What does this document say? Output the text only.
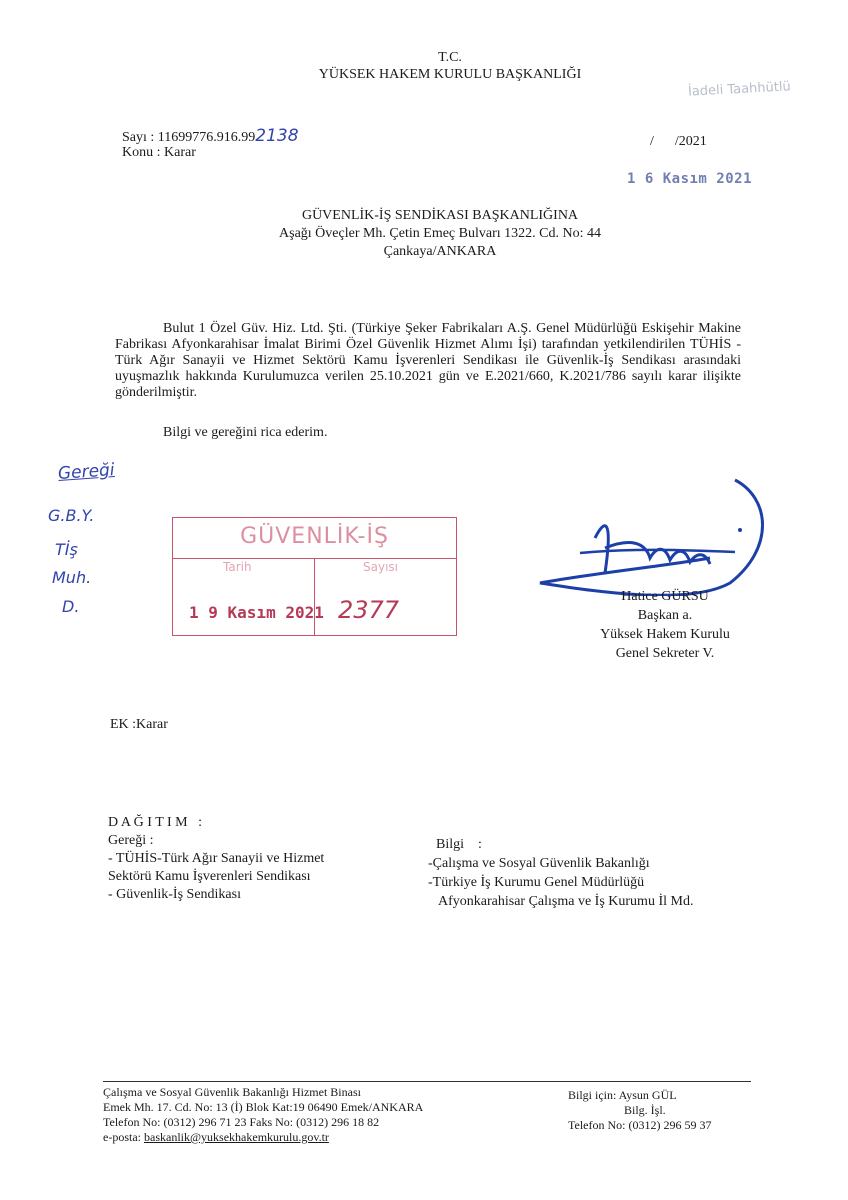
T.C.
YÜKSEK HAKEM KURULU BAŞKANLIĞI
İadeli Taahhütlü
Sayı : 11699776.916.992138
Konu : Karar
/      /2021
1 6 Kasım 2021
GÜVENLİK-İŞ SENDİKASI BAŞKANLIĞINA
Aşağı Öveçler Mh. Çetin Emeç Bulvarı 1322. Cd. No: 44
Çankaya/ANKARA
Bulut 1 Özel Güv. Hiz. Ltd. Şti. (Türkiye Şeker Fabrikaları A.Ş. Genel Müdürlüğü Eskişehir Makine Fabrikası Afyonkarahisar İmalat Birimi Özel Güvenlik Hizmet Alımı İşi) tarafından yetkilendirilen TÜHİS - Türk Ağır Sanayii ve Hizmet Sektörü Kamu İşverenleri Sendikası ile Güvenlik-İş Sendikası arasındaki uyuşmazlık hakkında Kurulumuzca verilen 25.10.2021 gün ve E.2021/660, K.2021/786 sayılı karar ilişikte gönderilmiştir.
Bilgi ve gereğini rica ederim.
Gereği
G.B.Y.
Tİş
Muh.
D.
GÜVENLİK-İŞ
Tarih	Sayısı
1 9 Kasım 2021 2377	Hatice GÜRSU
Başkan a.
Yüksek Hakem Kurulu
Genel Sekreter V.
EK :Karar
D A Ğ I T I M   :
Gereği :
- TÜHİS-Türk Ağır Sanayii ve Hizmet
Sektörü Kamu İşverenleri Sendikası
- Güvenlik-İş Sendikası
Bilgi    :
-Çalışma ve Sosyal Güvenlik Bakanlığı
-Türkiye İş Kurumu Genel Müdürlüğü
Afyonkarahisar Çalışma ve İş Kurumu İl Md.
Çalışma ve Sosyal Güvenlik Bakanlığı Hizmet Binası
Emek Mh. 17. Cd. No: 13 (İ) Blok Kat:19 06490 Emek/ANKARA
Telefon No: (0312) 296 71 23 Faks No: (0312) 296 18 82
e-posta: baskanlik@yuksekhakemkurulu.gov.tr
Bilgi için: Aysun GÜL
Bilg. İşl.
Telefon No: (0312) 296 59 37
